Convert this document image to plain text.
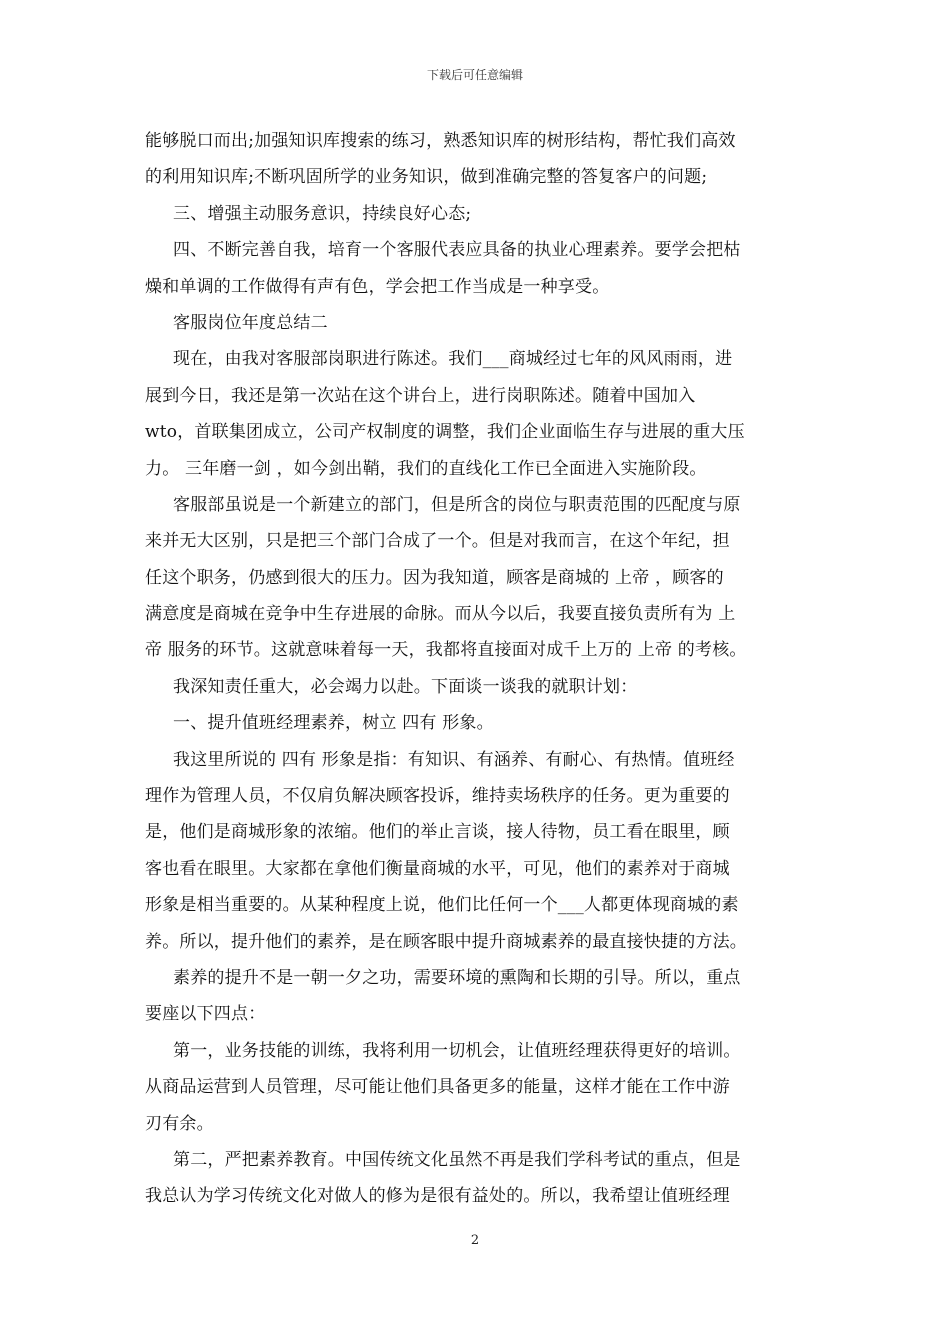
下载后可任意编辑
能够脱口而出;加强知识库搜索的练习，熟悉知识库的树形结构，帮忙我们高效
的利用知识库;不断巩固所学的业务知识，做到准确完整的答复客户的问题;
三、增强主动服务意识，持续良好心态;
四、不断完善自我，培育一个客服代表应具备的执业心理素养。要学会把枯
燥和单调的工作做得有声有色，学会把工作当成是一种享受。
客服岗位年度总结二
现在，由我对客服部岗职进行陈述。我们___商城经过七年的风风雨雨，进
展到今日，我还是第一次站在这个讲台上，进行岗职陈述。随着中国加入
wto，首联集团成立，公司产权制度的调整，我们企业面临生存与进展的重大压
力。 三年磨一剑 ，如今剑出鞘，我们的直线化工作已全面进入实施阶段。
客服部虽说是一个新建立的部门，但是所含的岗位与职责范围的匹配度与原
来并无大区别，只是把三个部门合成了一个。但是对我而言，在这个年纪，担
任这个职务，仍感到很大的压力。因为我知道，顾客是商城的 上帝 ，顾客的
满意度是商城在竞争中生存进展的命脉。而从今以后，我要直接负责所有为 上
帝 服务的环节。这就意味着每一天，我都将直接面对成千上万的 上帝 的考核。
我深知责任重大，必会竭力以赴。下面谈一谈我的就职计划：
一、提升值班经理素养，树立 四有 形象。
我这里所说的 四有 形象是指：有知识、有涵养、有耐心、有热情。值班经
理作为管理人员，不仅肩负解决顾客投诉，维持卖场秩序的任务。更为重要的
是，他们是商城形象的浓缩。他们的举止言谈，接人待物，员工看在眼里，顾
客也看在眼里。大家都在拿他们衡量商城的水平，可见，他们的素养对于商城
形象是相当重要的。从某种程度上说，他们比任何一个___人都更体现商城的素
养。所以，提升他们的素养，是在顾客眼中提升商城素养的最直接快捷的方法。
素养的提升不是一朝一夕之功，需要环境的熏陶和长期的引导。所以，重点
要座以下四点：
第一，业务技能的训练，我将利用一切机会，让值班经理获得更好的培训。
从商品运营到人员管理，尽可能让他们具备更多的能量，这样才能在工作中游
刃有余。
第二，严把素养教育。中国传统文化虽然不再是我们学科考试的重点，但是
我总认为学习传统文化对做人的修为是很有益处的。所以，我希望让值班经理
2
